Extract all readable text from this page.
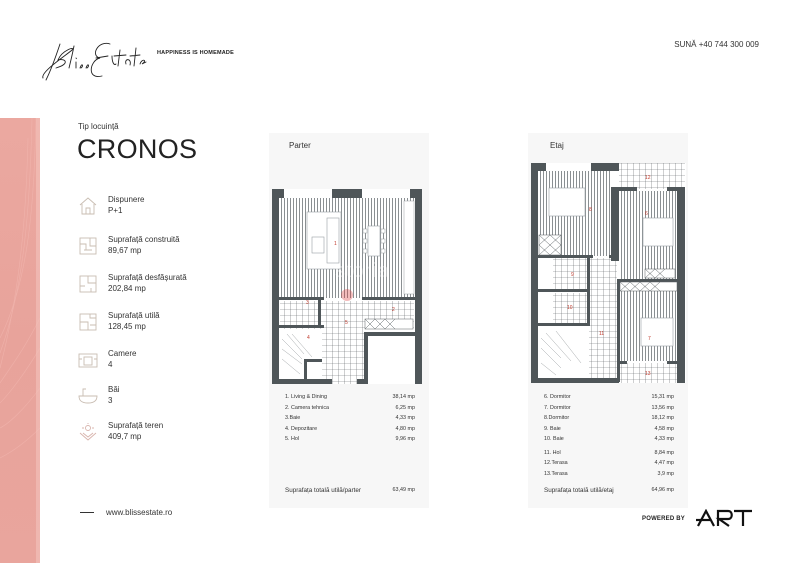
HAPPINESS IS HOMEMADE
SUNĂ +40 744 300 009
Tip locuință
CRONOS
Dispunere
P+1
Suprafață construită
89,67 mp
Suprafață desfășurată
202,84 mp
Suprafață utilă
128,45 mp
Camere
4
Băi
3
Suprafață teren
409,7 mp
www.blissestate.ro
Parter
1
2
3
4
5
1. Living & Dining	38,14 mp
2. Camera tehnica	6,25 mp
3.Baie	4,33 mp
4. Depozitare	4,80 mp
5. Hol	9,96 mp
Suprafața totală utilă/parter	63,49 mp
Etaj
8
6
7
9
10
11
12
13
6. Dormitor	15,31 mp
7. Dormitor	13,56 mp
8.Dormitor	18,12 mp
9. Baie	4,58 mp
10. Baie	4,33 mp
11. Hol	8,84 mp
12.Terasa	4,47 mp
13.Terasa	3,9 mp
Suprafața totală utilă/etaj	64,96 mp
storia
POWERED BY
